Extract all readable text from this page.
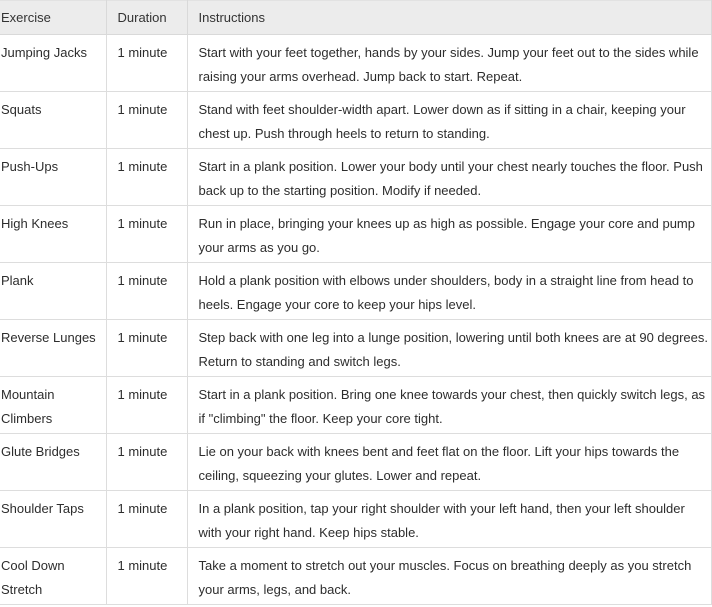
Exercise	Duration	Instructions
Jumping Jacks	1 minute	Start with your feet together, hands by your sides. Jump your feet out to the sides while raising your arms overhead. Jump back to start. Repeat.
Squats	1 minute	Stand with feet shoulder-width apart. Lower down as if sitting in a chair, keeping your chest up. Push through heels to return to standing.
Push-Ups	1 minute	Start in a plank position. Lower your body until your chest nearly touches the floor. Push back up to the starting position. Modify if needed.
High Knees	1 minute	Run in place, bringing your knees up as high as possible. Engage your core and pump your arms as you go.
Plank	1 minute	Hold a plank position with elbows under shoulders, body in a straight line from head to heels. Engage your core to keep your hips level.
Reverse Lunges	1 minute	Step back with one leg into a lunge position, lowering until both knees are at 90 degrees. Return to standing and switch legs.
Mountain Climbers	1 minute	Start in a plank position. Bring one knee towards your chest, then quickly switch legs, as if "climbing" the floor. Keep your core tight.
Glute Bridges	1 minute	Lie on your back with knees bent and feet flat on the floor. Lift your hips towards the ceiling, squeezing your glutes. Lower and repeat.
Shoulder Taps	1 minute	In a plank position, tap your right shoulder with your left hand, then your left shoulder with your right hand. Keep hips stable.
Cool Down Stretch	1 minute	Take a moment to stretch out your muscles. Focus on breathing deeply as you stretch your arms, legs, and back.
